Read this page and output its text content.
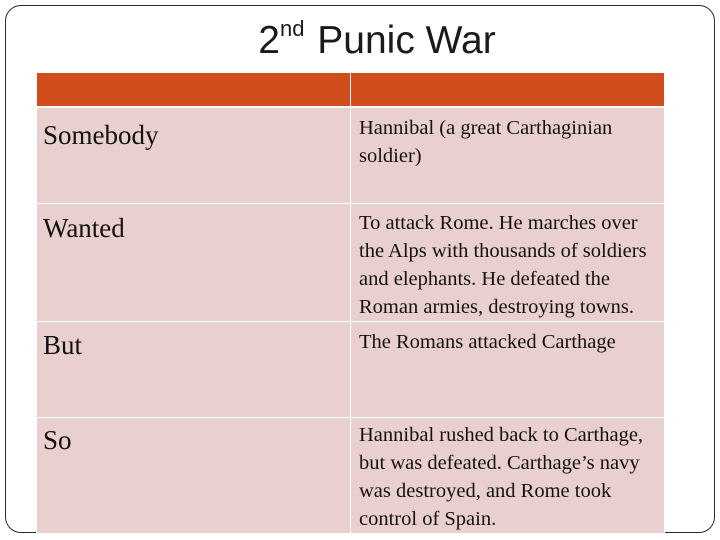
2nd Punic War

Somebody	Hannibal (a great Carthaginian soldier)

Wanted	To attack Rome. He marches over the Alps with thousands of soldiers and elephants. He defeated the Roman armies, destroying towns.

But	The Romans attacked Carthage

So	Hannibal rushed back to Carthage, but was defeated. Carthage’s navy was destroyed, and Rome took control of Spain.
